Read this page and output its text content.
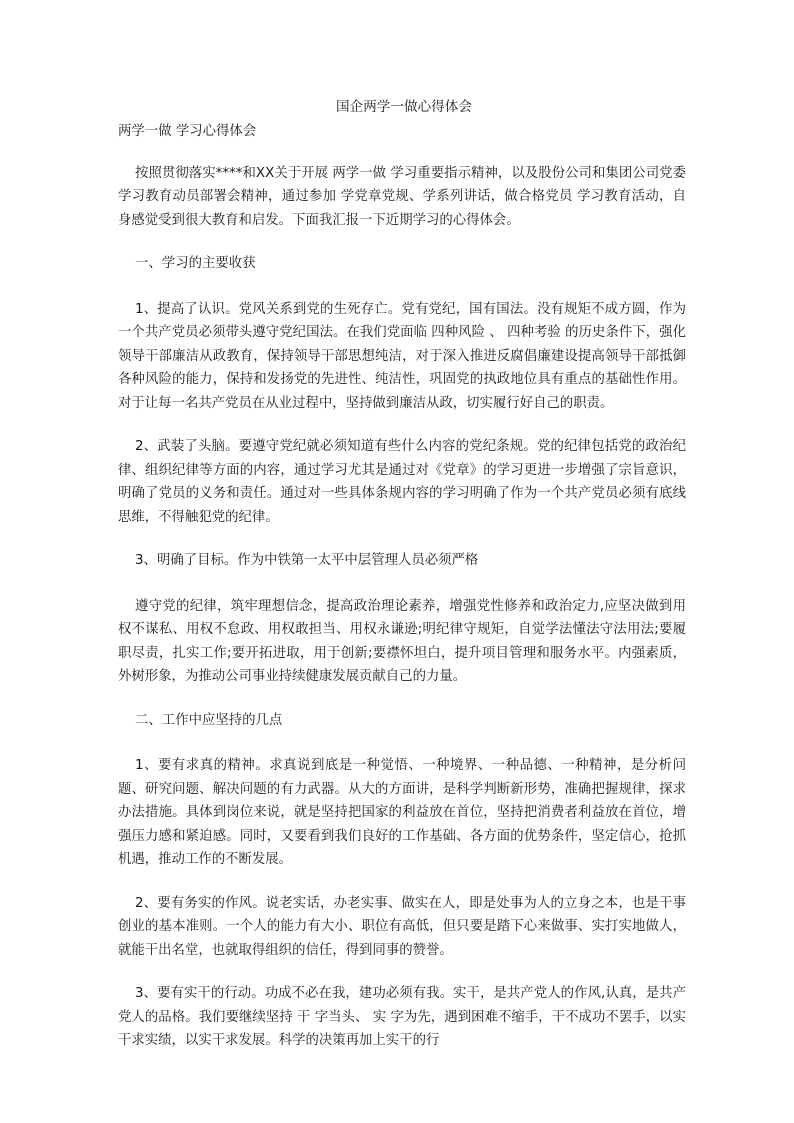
国企两学一做心得体会
两学一做 学习心得体会

按照贯彻落实****和XX关于开展 两学一做 学习重要指示精神，以及股份公司和集团公司党委学习教育动员部署会精神，通过参加 学党章党规、学系列讲话，做合格党员 学习教育活动，自身感觉受到很大教育和启发。下面我汇报一下近期学习的心得体会。

一、学习的主要收获

1、提高了认识。党风关系到党的生死存亡。党有党纪，国有国法。没有规矩不成方圆，作为一个共产党员必须带头遵守党纪国法。在我们党面临 四种风险 、 四种考验 的历史条件下，强化领导干部廉洁从政教育，保持领导干部思想纯洁，对于深入推进反腐倡廉建设提高领导干部抵御各种风险的能力，保持和发扬党的先进性、纯洁性，巩固党的执政地位具有重点的基础性作用。对于让每一名共产党员在从业过程中，坚持做到廉洁从政，切实履行好自己的职责。

2、武装了头脑。要遵守党纪就必须知道有些什么内容的党纪条规。党的纪律包括党的政治纪律、组织纪律等方面的内容，通过学习尤其是通过对《党章》的学习更进一步增强了宗旨意识，明确了党员的义务和责任。通过对一些具体条规内容的学习明确了作为一个共产党员必须有底线思维，不得触犯党的纪律。

3、明确了目标。作为中铁第一太平中层管理人员必须严格

遵守党的纪律，筑牢理想信念，提高政治理论素养，增强党性修养和政治定力,应坚决做到用权不谋私、用权不怠政、用权敢担当、用权永谦逊;明纪律守规矩，自觉学法懂法守法用法;要履职尽责，扎实工作;要开拓进取，用于创新;要襟怀坦白，提升项目管理和服务水平。内强素质，外树形象，为推动公司事业持续健康发展贡献自己的力量。

二、工作中应坚持的几点

1、要有求真的精神。求真说到底是一种觉悟、一种境界、一种品德、一种精神，是分析问题、研究问题、解决问题的有力武器。从大的方面讲，是科学判断新形势，准确把握规律，探求办法措施。具体到岗位来说，就是坚持把国家的利益放在首位，坚持把消费者利益放在首位，增强压力感和紧迫感。同时，又要看到我们良好的工作基础、各方面的优势条件，坚定信心，抢抓机遇，推动工作的不断发展。

2、要有务实的作风。说老实话，办老实事、做实在人，即是处事为人的立身之本，也是干事创业的基本准则。一个人的能力有大小、职位有高低，但只要是踏下心来做事、实打实地做人，就能干出名堂，也就取得组织的信任，得到同事的赞誉。

3、要有实干的行动。功成不必在我，建功必须有我。实干，是共产党人的作风,认真，是共产党人的品格。我们要继续坚持 干 字当头、 实 字为先，遇到困难不缩手，干不成功不罢手，以实干求实绩，以实干求发展。科学的决策再加上实干的行
